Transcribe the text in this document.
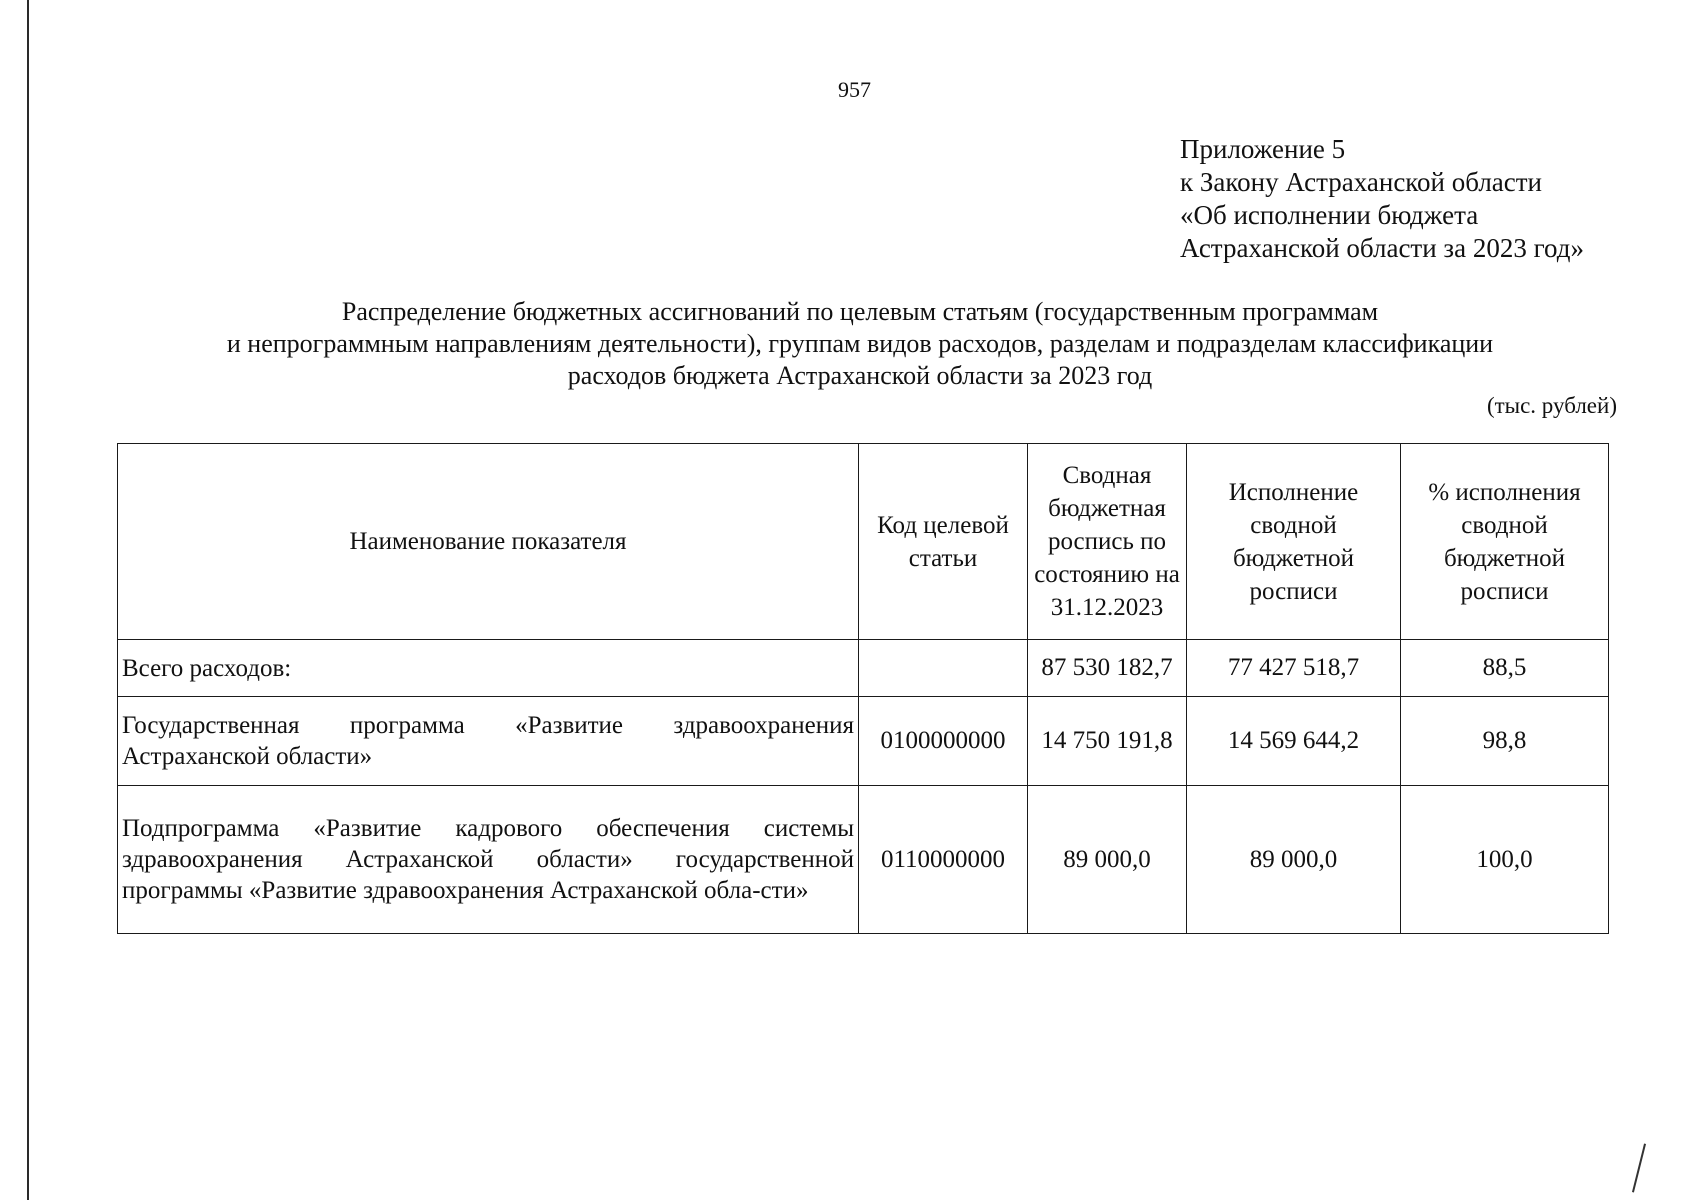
957
Приложение 5
к Закону Астраханской области
«Об исполнении бюджета
Астраханской области за 2023 год»
Распределение бюджетных ассигнований по целевым статьям (государственным программам
и непрограммным направлениям деятельности), группам видов расходов, разделам и подразделам классификации
расходов бюджета Астраханской области за 2023 год
(тыс. рублей)
Наименование показателя	Код целевой статьи	Сводная бюджетная роспись по состоянию на 31.12.2023	Исполнение сводной бюджетной росписи	% исполнения сводной бюджетной росписи
Всего расходов:		87 530 182,7	77 427 518,7	88,5
Государственная программа «Развитие здравоохранения Астраханской области»	0100000000	14 750 191,8	14 569 644,2	98,8
Подпрограмма «Развитие кадрового обеспечения системы здравоохранения Астраханской области» государственной программы «Развитие здравоохранения Астраханской обла-сти»	0110000000	89 000,0	89 000,0	100,0
